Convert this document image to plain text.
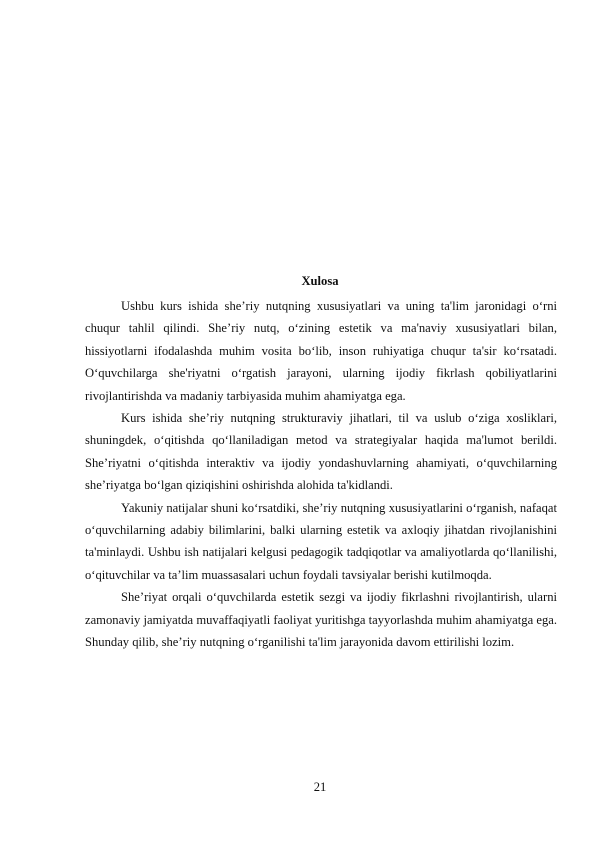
Xulosa

Ushbu kurs ishida she’riy nutqning xususiyatlari va uning ta'lim jaronidagi o‘rni chuqur tahlil qilindi. She’riy nutq, o‘zining estetik va ma'naviy xususiyatlari bilan, hissiyotlarni ifodalashda muhim vosita bo‘lib, inson ruhiyatiga chuqur ta'sir ko‘rsatadi. O‘quvchilarga she'riyatni o‘rgatish jarayoni, ularning ijodiy fikrlash qobiliyatlarini rivojlantirishda va madaniy tarbiyasida muhim ahamiyatga ega.

Kurs ishida she’riy nutqning strukturaviy jihatlari, til va uslub o‘ziga xosliklari, shuningdek, o‘qitishda qo‘llaniladigan metod va strategiyalar haqida ma'lumot berildi. She’riyatni o‘qitishda interaktiv va ijodiy yondashuvlarning ahamiyati, o‘quvchilarning she’riyatga bo‘lgan qiziqishini oshirishda alohida ta'kidlandi.

Yakuniy natijalar shuni ko‘rsatdiki, she’riy nutqning xususiyatlarini o‘rganish, nafaqat o‘quvchilarning adabiy bilimlarini, balki ularning estetik va axloqiy jihatdan rivojlanishini ta'minlaydi. Ushbu ish natijalari kelgusi pedagogik tadqiqotlar va amaliyotlarda qo‘llanilishi, o‘qituvchilar va ta’lim muassasalari uchun foydali tavsiyalar berishi kutilmoqda.

She’riyat orqali o‘quvchilarda estetik sezgi va ijodiy fikrlashni rivojlantirish, ularni zamonaviy jamiyatda muvaffaqiyatli faoliyat yuritishga tayyorlashda muhim ahamiyatga ega. Shunday qilib, she’riy nutqning o‘rganilishi ta'lim jarayonida davom ettirilishi lozim.

21
